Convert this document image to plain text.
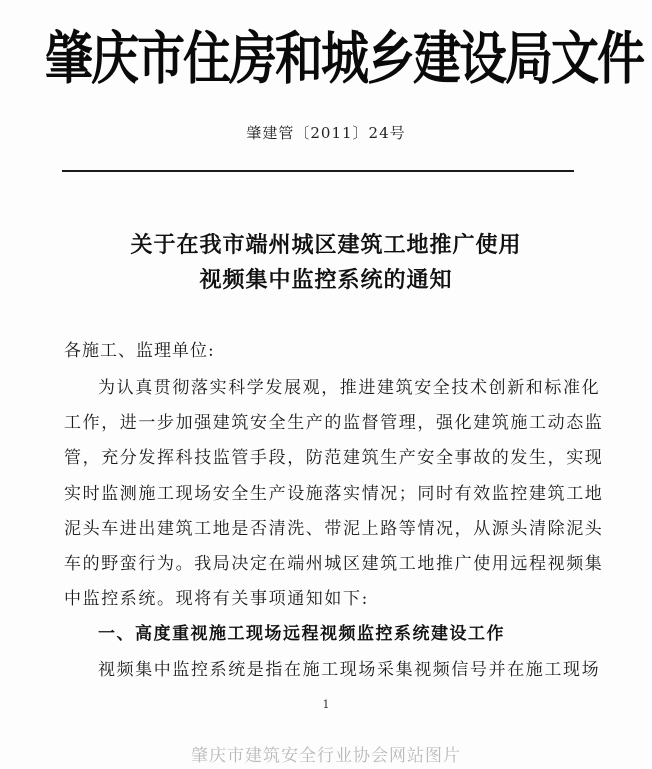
肇庆市住房和城乡建设局文件
肇建管〔2011〕24号
关于在我市端州城区建筑工地推广使用
视频集中监控系统的通知
各施工、监理单位:
为认真贯彻落实科学发展观，推进建筑安全技术创新和标准化
工作，进一步加强建筑安全生产的监督管理，强化建筑施工动态监
管，充分发挥科技监管手段，防范建筑生产安全事故的发生，实现
实时监测施工现场安全生产设施落实情况；同时有效监控建筑工地
泥头车进出建筑工地是否清洗、带泥上路等情况，从源头清除泥头
车的野蛮行为。我局决定在端州城区建筑工地推广使用远程视频集
中监控系统。现将有关事项通知如下:
一、高度重视施工现场远程视频监控系统建设工作
视频集中监控系统是指在施工现场采集视频信号并在施工现场
1
肇庆市建筑安全行业协会网站图片
